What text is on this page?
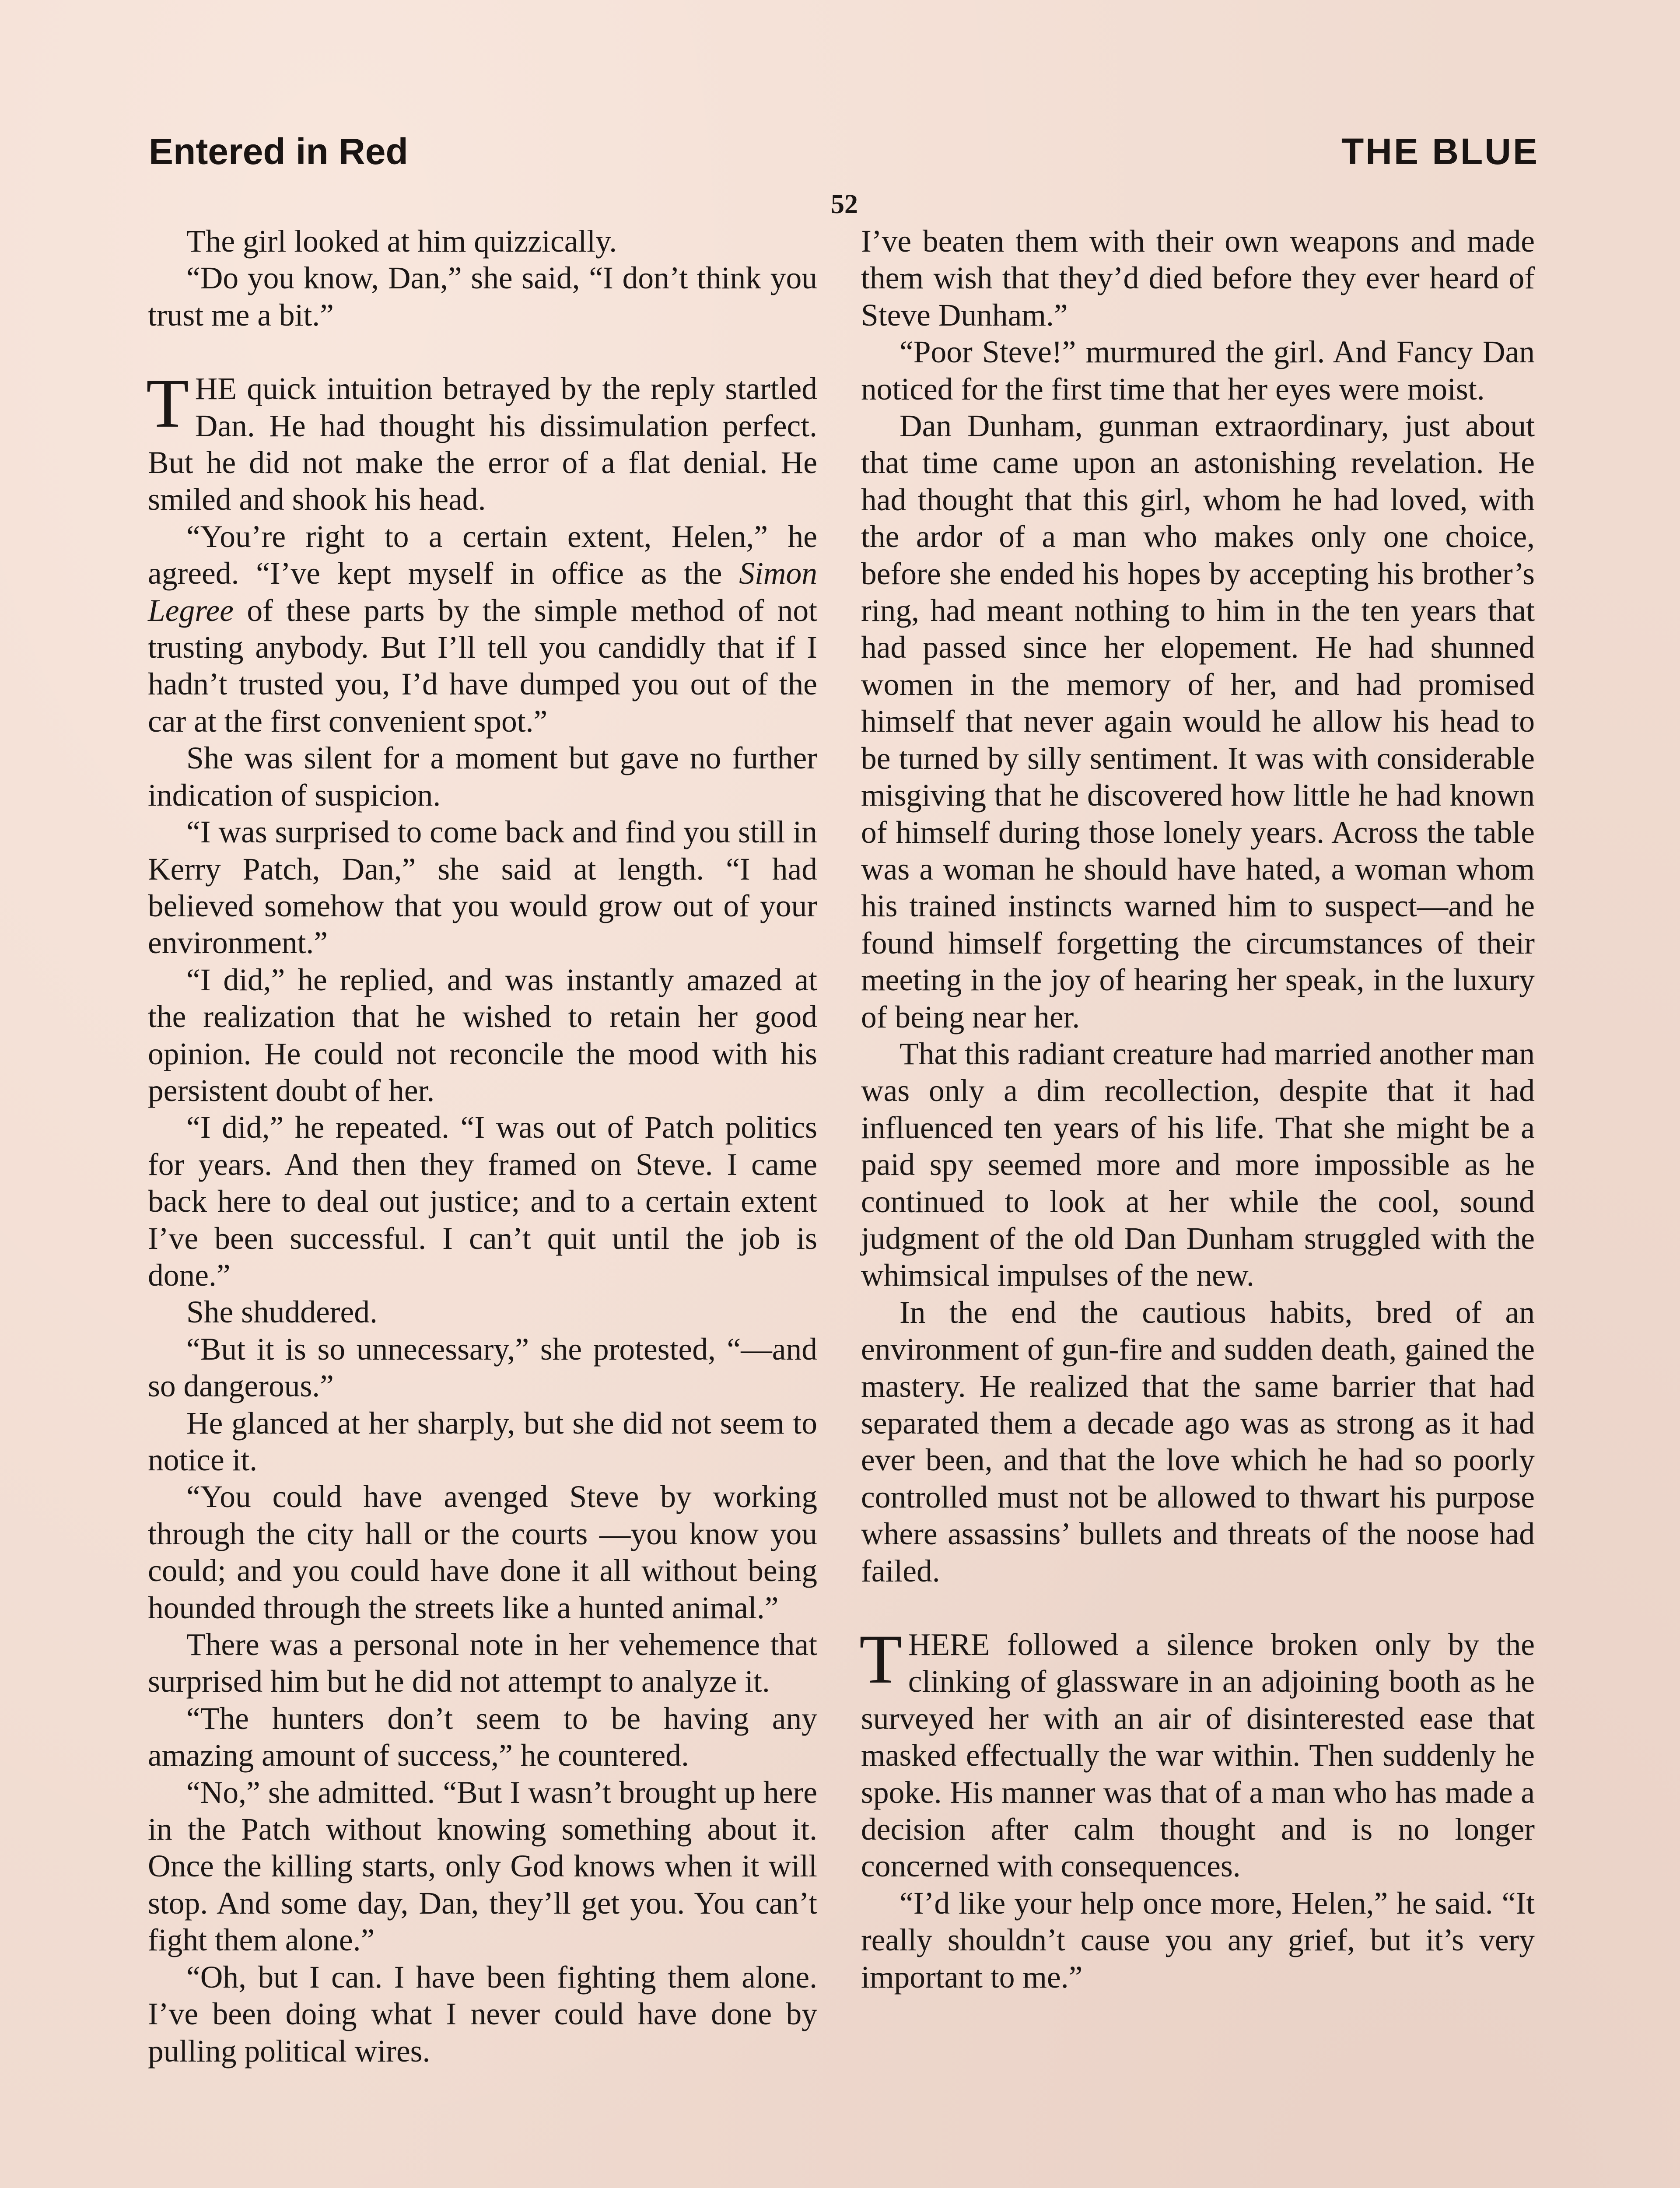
Entered in Red	THE BLUE
52

The girl looked at him quizzically.

“Do you know, Dan,” she said, “I don’t think you trust me a bit.”

THE quick intuition betrayed by the reply startled Dan. He had thought his dissimulation perfect. But he did not make the error of a flat denial. He smiled and shook his head.

“You’re right to a certain extent, Helen,” he agreed. “I’ve kept myself in office as the Simon Legree of these parts by the simple method of not trusting anybody. But I’ll tell you candidly that if I hadn’t trusted you, I’d have dumped you out of the car at the first convenient spot.”

She was silent for a moment but gave no further indication of suspicion.

“I was surprised to come back and find you still in Kerry Patch, Dan,” she said at length. “I had believed somehow that you would grow out of your environment.”

“I did,” he replied, and was instantly amazed at the realization that he wished to retain her good opinion. He could not reconcile the mood with his persistent doubt of her.

“I did,” he repeated. “I was out of Patch politics for years. And then they framed on Steve. I came back here to deal out justice; and to a certain extent I’ve been successful. I can’t quit until the job is done.”

She shuddered.

“But it is so unnecessary,” she protested, “—and so dangerous.”

He glanced at her sharply, but she did not seem to notice it.

“You could have avenged Steve by working through the city hall or the courts —you know you could; and you could have done it all without being hounded through the streets like a hunted animal.”

There was a personal note in her vehemence that surprised him but he did not attempt to analyze it.

“The hunters don’t seem to be having any amazing amount of success,” he countered.

“No,” she admitted. “But I wasn’t brought up here in the Patch without knowing something about it. Once the killing starts, only God knows when it will stop. And some day, Dan, they’ll get you. You can’t fight them alone.”

“Oh, but I can. I have been fighting them alone. I’ve been doing what I never could have done by pulling political wires.

I’ve beaten them with their own weapons and made them wish that they’d died before they ever heard of Steve Dunham.”

“Poor Steve!” murmured the girl. And Fancy Dan noticed for the first time that her eyes were moist.

Dan Dunham, gunman extraordinary, just about that time came upon an astonishing revelation. He had thought that this girl, whom he had loved, with the ardor of a man who makes only one choice, before she ended his hopes by accepting his brother’s ring, had meant nothing to him in the ten years that had passed since her elopement. He had shunned women in the memory of her, and had promised himself that never again would he allow his head to be turned by silly sentiment. It was with considerable misgiving that he discovered how little he had known of himself during those lonely years. Across the table was a woman he should have hated, a woman whom his trained instincts warned him to suspect—and he found himself forgetting the circumstances of their meeting in the joy of hearing her speak, in the luxury of being near her.

That this radiant creature had married another man was only a dim recollection, despite that it had influenced ten years of his life. That she might be a paid spy seemed more and more impossible as he continued to look at her while the cool, sound judgment of the old Dan Dunham struggled with the whimsical impulses of the new.

In the end the cautious habits, bred of an environment of gun-fire and sudden death, gained the mastery. He realized that the same barrier that had separated them a decade ago was as strong as it had ever been, and that the love which he had so poorly controlled must not be allowed to thwart his purpose where assassins’ bullets and threats of the noose had failed.

THERE followed a silence broken only by the clinking of glassware in an adjoining booth as he surveyed her with an air of disinterested ease that masked effectually the war within. Then suddenly he spoke. His manner was that of a man who has made a decision after calm thought and is no longer concerned with consequences.

“I’d like your help once more, Helen,” he said. “It really shouldn’t cause you any grief, but it’s very important to me.”
